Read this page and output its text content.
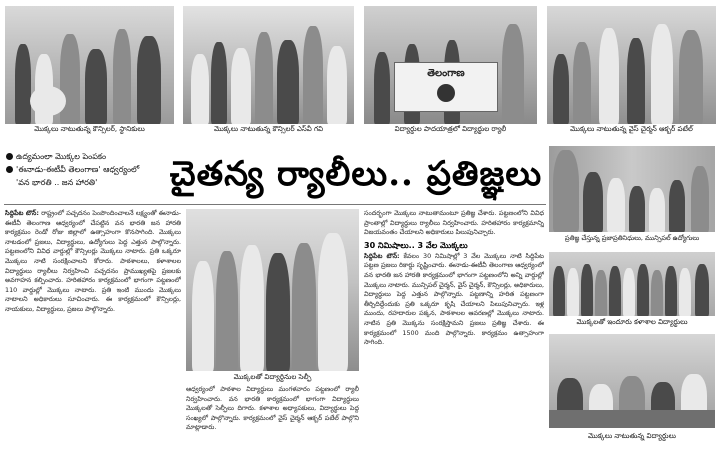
మొక్కలు నాటుతున్న కౌన్సిలర్, స్థానికులు	మొక్కలు నాటుతున్న కౌన్సిలర్ ఎస్‌వీ గవి
తెలంగాణ
విద్యార్థుల పాదయాత్రలో విద్యార్థుల ర్యాలీ	మొక్కలు నాటుతున్న వైస్ చైర్మన్ ఆక్బర్ పటేల్
ఉద్యమంలా మొక్కల పెంపకం
'ఈనాడు-ఈటీవీ తెలంగాణ' ఆధ్వర్యంలో
'వన భారతి .. జన హారతి'	చైతన్య ర్యాలీలు.. ప్రతిజ్ఞలు
ప్రతిజ్ఞ చేస్తున్న ప్రజాప్రతినిధులు, మున్సిపల్ ఉద్యోగులు
మొక్కలతో ఇందూరు కళాశాల విద్యార్థులు
మొక్కలు నాటుతున్న విద్యార్థులు
సిద్దిపేట టౌన్: రాష్ట్రంలో పచ్చదనం పెంపొందించాలనే లక్ష్యంతో ఈనాడు-ఈటీవీ తెలంగాణ ఆధ్వర్యంలో చేపట్టిన వన భారతి జన హారతి కార్యక్రమం రెండో రోజు జిల్లాలో ఉత్సాహంగా కొనసాగింది. మొక్కలు నాటడంలో ప్రజలు, విద్యార్థులు, ఉద్యోగులు పెద్ద ఎత్తున పాల్గొన్నారు. పట్టణంలోని వివిధ వార్డుల్లో కౌన్సిలర్లు మొక్కలు నాటారు. ప్రతి ఒక్కరూ మొక్కలు నాటి సంరక్షించాలని కోరారు. పాఠశాలలు, కళాశాలల విద్యార్థులు ర్యాలీలు నిర్వహించి పచ్చదనం ప్రాముఖ్యతపై ప్రజలకు అవగాహన కల్పించారు. హరితహారం కార్యక్రమంలో భాగంగా పట్టణంలో 110 వార్డుల్లో మొక్కలు నాటారు. ప్రతి ఇంటి ముందు మొక్కలు నాటాలని అధికారులు సూచించారు. ఈ కార్యక్రమంలో కౌన్సిలర్లు, నాయకులు, విద్యార్థులు, ప్రజలు పాల్గొన్నారు.
మొక్కలతో విద్యార్థినుల సెల్ఫీ
ఆధ్వర్యంలో పాఠశాల విద్యార్థులు మంగళవారం పట్టణంలో ర్యాలీ నిర్వహించారు. వన భారతి కార్యక్రమంలో భాగంగా విద్యార్థులు మొక్కలతో సెల్ఫీలు దిగారు. కళాశాల అధ్యాపకులు, విద్యార్థులు పెద్ద సంఖ్యలో పాల్గొన్నారు. కార్యక్రమంలో వైస్ చైర్మన్ ఆక్బర్ పటేల్ పాల్గొని మాట్లాడారు.
సందర్భంగా మొక్కలు నాటుతామంటూ ప్రతిజ్ఞ చేశారు. పట్టణంలోని వివిధ ప్రాంతాల్లో విద్యార్థులు ర్యాలీలు నిర్వహించారు. హరితహారం కార్యక్రమాన్ని విజయవంతం చేయాలని అధికారులు పిలుపునిచ్చారు.
30 నిమిషాలు.. 3 వేల మొక్కలు
సిద్దిపేట టౌన్: కేవలం 30 నిమిషాల్లో 3 వేల మొక్కలు నాటి సిద్దిపేట పట్టణ ప్రజలు రికార్డు సృష్టించారు. ఈనాడు-ఈటీవీ తెలంగాణ ఆధ్వర్యంలో వన భారతి జన హారతి కార్యక్రమంలో భాగంగా పట్టణంలోని అన్ని వార్డుల్లో మొక్కలు నాటారు. మున్సిపల్ చైర్మన్, వైస్ చైర్మన్, కౌన్సిలర్లు, అధికారులు, విద్యార్థులు పెద్ద ఎత్తున పాల్గొన్నారు. పట్టణాన్ని హరిత పట్టణంగా తీర్చిదిద్దేందుకు ప్రతి ఒక్కరూ కృషి చేయాలని పిలుపునిచ్చారు. ఇళ్ల ముందు, రహదారుల పక్కన, పాఠశాలల ఆవరణల్లో మొక్కలు నాటారు. నాటిన ప్రతి మొక్కను సంరక్షిస్తామని ప్రజలు ప్రతిజ్ఞ చేశారు. ఈ కార్యక్రమంలో 1500 మంది పాల్గొన్నారు. కార్యక్రమం ఉత్సాహంగా సాగింది.
